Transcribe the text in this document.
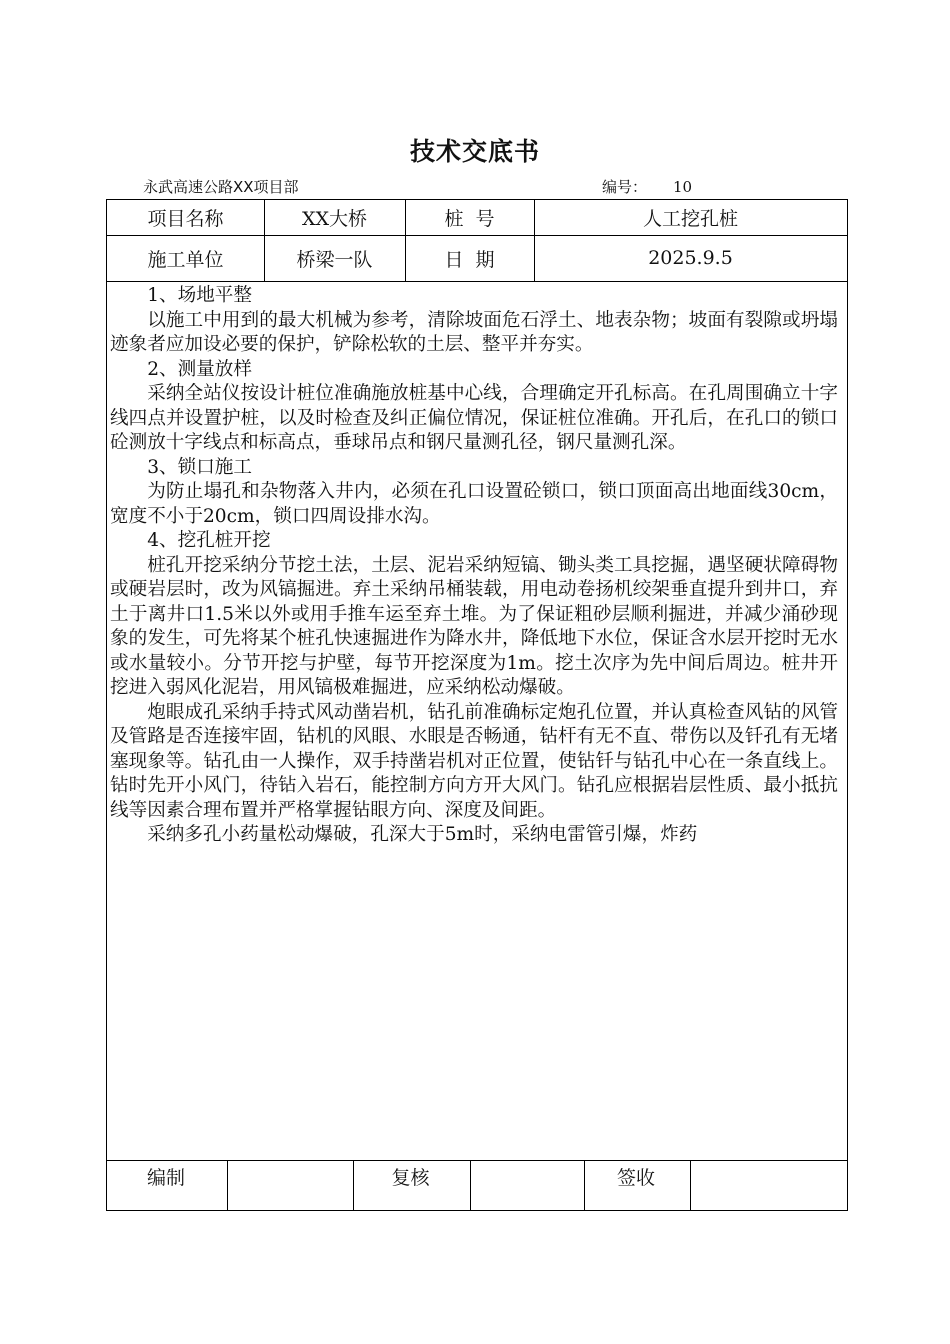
技术交底书
永武高速公路XX项目部	编号： 10
项目名称	XX大桥	桩  号	人工挖孔桩
施工单位	桥梁一队	日  期	2025.9.5

1、场地平整

以施工中用到的最大机械为参考，清除坡面危石浮土、地表杂物；坡面有裂隙或坍塌迹象者应加设必要的保护，铲除松软的土层、整平并夯实。

2、测量放样

采纳全站仪按设计桩位准确施放桩基中心线，合理确定开孔标高。在孔周围确立十字线四点并设置护桩，以及时检查及纠正偏位情况，保证桩位准确。开孔后，在孔口的锁口砼测放十字线点和标高点，垂球吊点和钢尺量测孔径，钢尺量测孔深。

3、锁口施工

为防止塌孔和杂物落入井内，必须在孔口设置砼锁口，锁口顶面高出地面线30cm，宽度不小于20cm，锁口四周设排水沟。

4、挖孔桩开挖

桩孔开挖采纳分节挖土法，土层、泥岩采纳短镐、锄头类工具挖掘，遇坚硬状障碍物或硬岩层时，改为风镐掘进。弃土采纳吊桶装载，用电动卷扬机绞架垂直提升到井口，弃土于离井口1.5米以外或用手推车运至弃土堆。为了保证粗砂层顺利掘进，并减少涌砂现象的发生，可先将某个桩孔快速掘进作为降水井，降低地下水位，保证含水层开挖时无水或水量较小。分节开挖与护壁，每节开挖深度为1m。挖土次序为先中间后周边。桩井开挖进入弱风化泥岩，用风镐极难掘进，应采纳松动爆破。

炮眼成孔采纳手持式风动凿岩机，钻孔前准确标定炮孔位置，并认真检查风钻的风管及管路是否连接牢固，钻机的风眼、水眼是否畅通，钻杆有无不直、带伤以及钎孔有无堵塞现象等。钻孔由一人操作，双手持凿岩机对正位置，使钻钎与钻孔中心在一条直线上。钻时先开小风门，待钻入岩石，能控制方向方开大风门。钻孔应根据岩层性质、最小抵抗线等因素合理布置并严格掌握钻眼方向、深度及间距。

采纳多孔小药量松动爆破，孔深大于5m时，采纳电雷管引爆，炸药

编制	复核	签收
